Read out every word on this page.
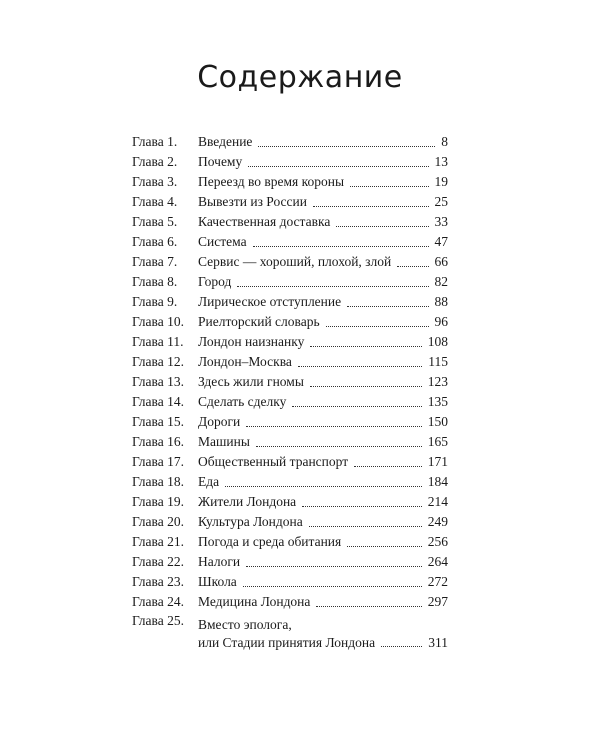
Содержание
Глава 1.	Введение	8
Глава 2.	Почему	13
Глава 3.	Переезд во время короны	19
Глава 4.	Вывезти из России	25
Глава 5.	Качественная доставка	33
Глава 6.	Система	47
Глава 7.	Сервис — хороший, плохой, злой	66
Глава 8.	Город	82
Глава 9.	Лирическое отступление	88
Глава 10.	Риелторский словарь	96
Глава 11.	Лондон наизнанку	108
Глава 12.	Лондон–Москва	115
Глава 13.	Здесь жили гномы	123
Глава 14.	Сделать сделку	135
Глава 15.	Дороги	150
Глава 16.	Машины	165
Глава 17.	Общественный транспорт	171
Глава 18.	Еда	184
Глава 19.	Жители Лондона	214
Глава 20.	Культура Лондона	249
Глава 21.	Погода и среда обитания	256
Глава 22.	Налоги	264
Глава 23.	Школа	272
Глава 24.	Медицина Лондона	297
Глава 25.	Вместо эполога,
или Стадии принятия Лондона	311
